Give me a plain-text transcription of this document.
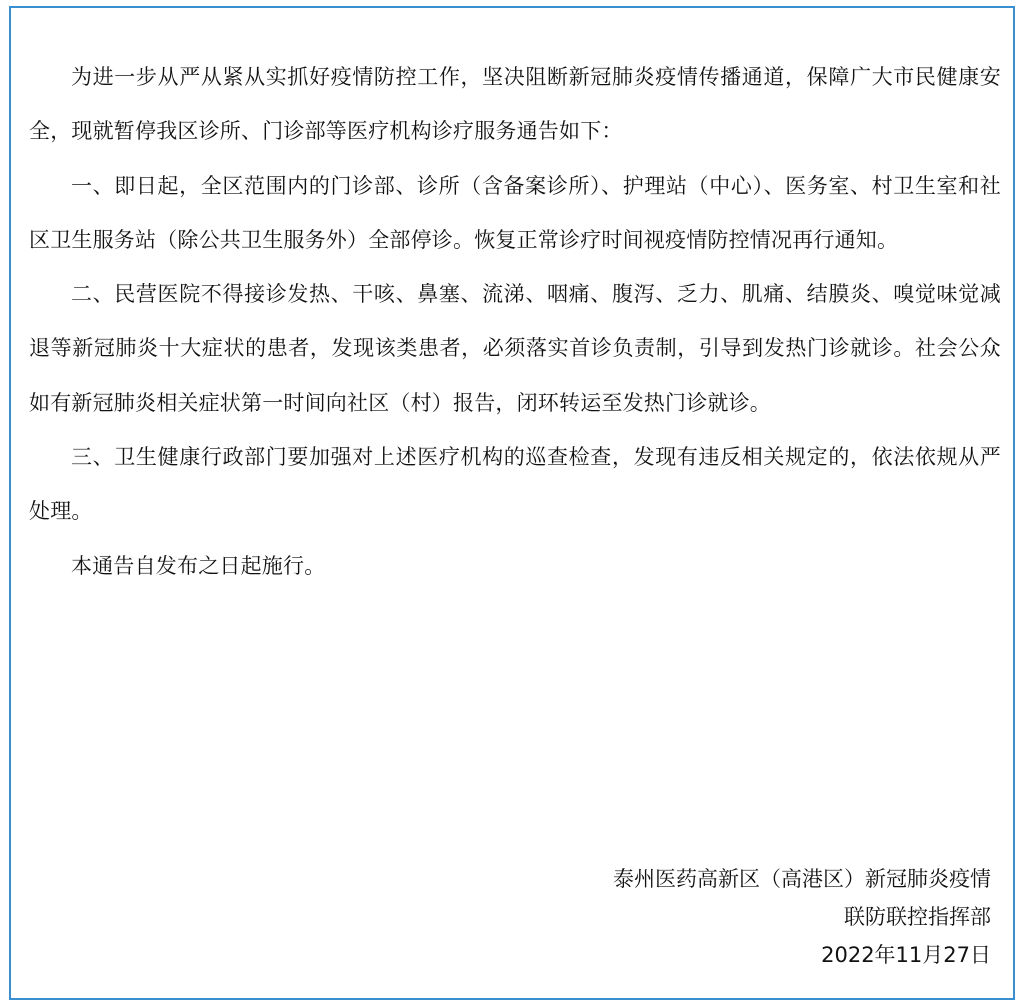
为进一步从严从紧从实抓好疫情防控工作，坚决阻断新冠肺炎疫情传播通道，保障广大市民健康安全，现就暂停我区诊所、门诊部等医疗机构诊疗服务通告如下：

一、即日起，全区范围内的门诊部、诊所（含备案诊所）、护理站（中心）、医务室、村卫生室和社区卫生服务站（除公共卫生服务外）全部停诊。恢复正常诊疗时间视疫情防控情况再行通知。

二、民营医院不得接诊发热、干咳、鼻塞、流涕、咽痛、腹泻、乏力、肌痛、结膜炎、嗅觉味觉减退等新冠肺炎十大症状的患者，发现该类患者，必须落实首诊负责制，引导到发热门诊就诊。社会公众如有新冠肺炎相关症状第一时间向社区（村）报告，闭环转运至发热门诊就诊。

三、卫生健康行政部门要加强对上述医疗机构的巡查检查，发现有违反相关规定的，依法依规从严处理。

本通告自发布之日起施行。

泰州医药高新区（高港区）新冠肺炎疫情

联防联控指挥部

2022年11月27日
